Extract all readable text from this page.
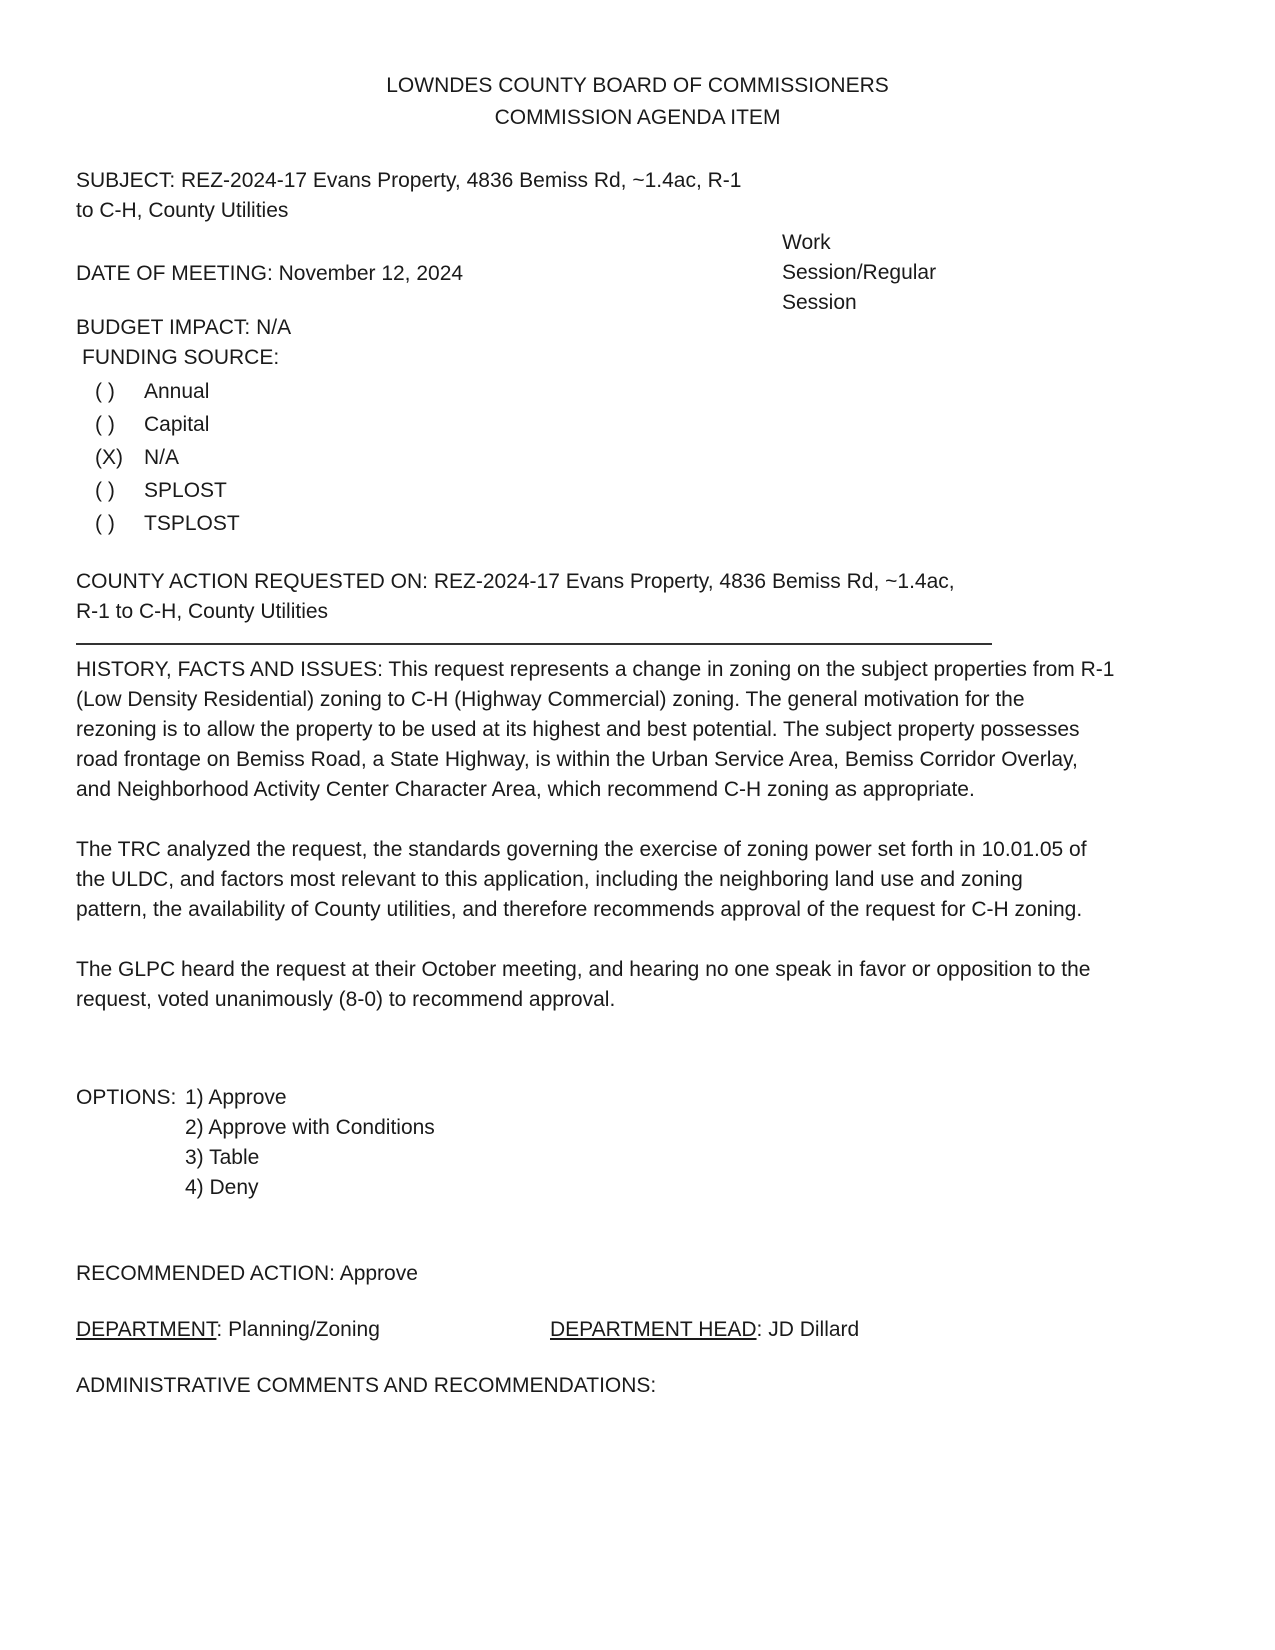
LOWNDES COUNTY BOARD OF COMMISSIONERS
COMMISSION AGENDA ITEM
SUBJECT: REZ-2024-17 Evans Property, 4836 Bemiss Rd, ~1.4ac, R-1
to C-H, County Utilities
DATE OF MEETING: November 12, 2024
Work
Session/Regular
Session
BUDGET IMPACT: N/A
FUNDING SOURCE:
( ) Annual
( ) Capital
(X) N/A
( ) SPLOST
( ) TSPLOST
COUNTY ACTION REQUESTED ON: REZ-2024-17 Evans Property, 4836 Bemiss Rd, ~1.4ac,
R-1 to C-H, County Utilities
HISTORY, FACTS AND ISSUES: This request represents a change in zoning on the subject properties from R-1
(Low Density Residential) zoning to C-H (Highway Commercial) zoning. The general motivation for the
rezoning is to allow the property to be used at its highest and best potential. The subject property possesses
road frontage on Bemiss Road, a State Highway, is within the Urban Service Area, Bemiss Corridor Overlay,
and Neighborhood Activity Center Character Area, which recommend C-H zoning as appropriate.
The TRC analyzed the request, the standards governing the exercise of zoning power set forth in 10.01.05 of
the ULDC, and factors most relevant to this application, including the neighboring land use and zoning
pattern, the availability of County utilities, and therefore recommends approval of the request for C-H zoning.
The GLPC heard the request at their October meeting, and hearing no one speak in favor or opposition to the
request, voted unanimously (8-0) to recommend approval.
OPTIONS: 1) Approve
2) Approve with Conditions
3) Table
4) Deny
RECOMMENDED ACTION: Approve
DEPARTMENT: Planning/Zoning	DEPARTMENT HEAD: JD Dillard
ADMINISTRATIVE COMMENTS AND RECOMMENDATIONS:
